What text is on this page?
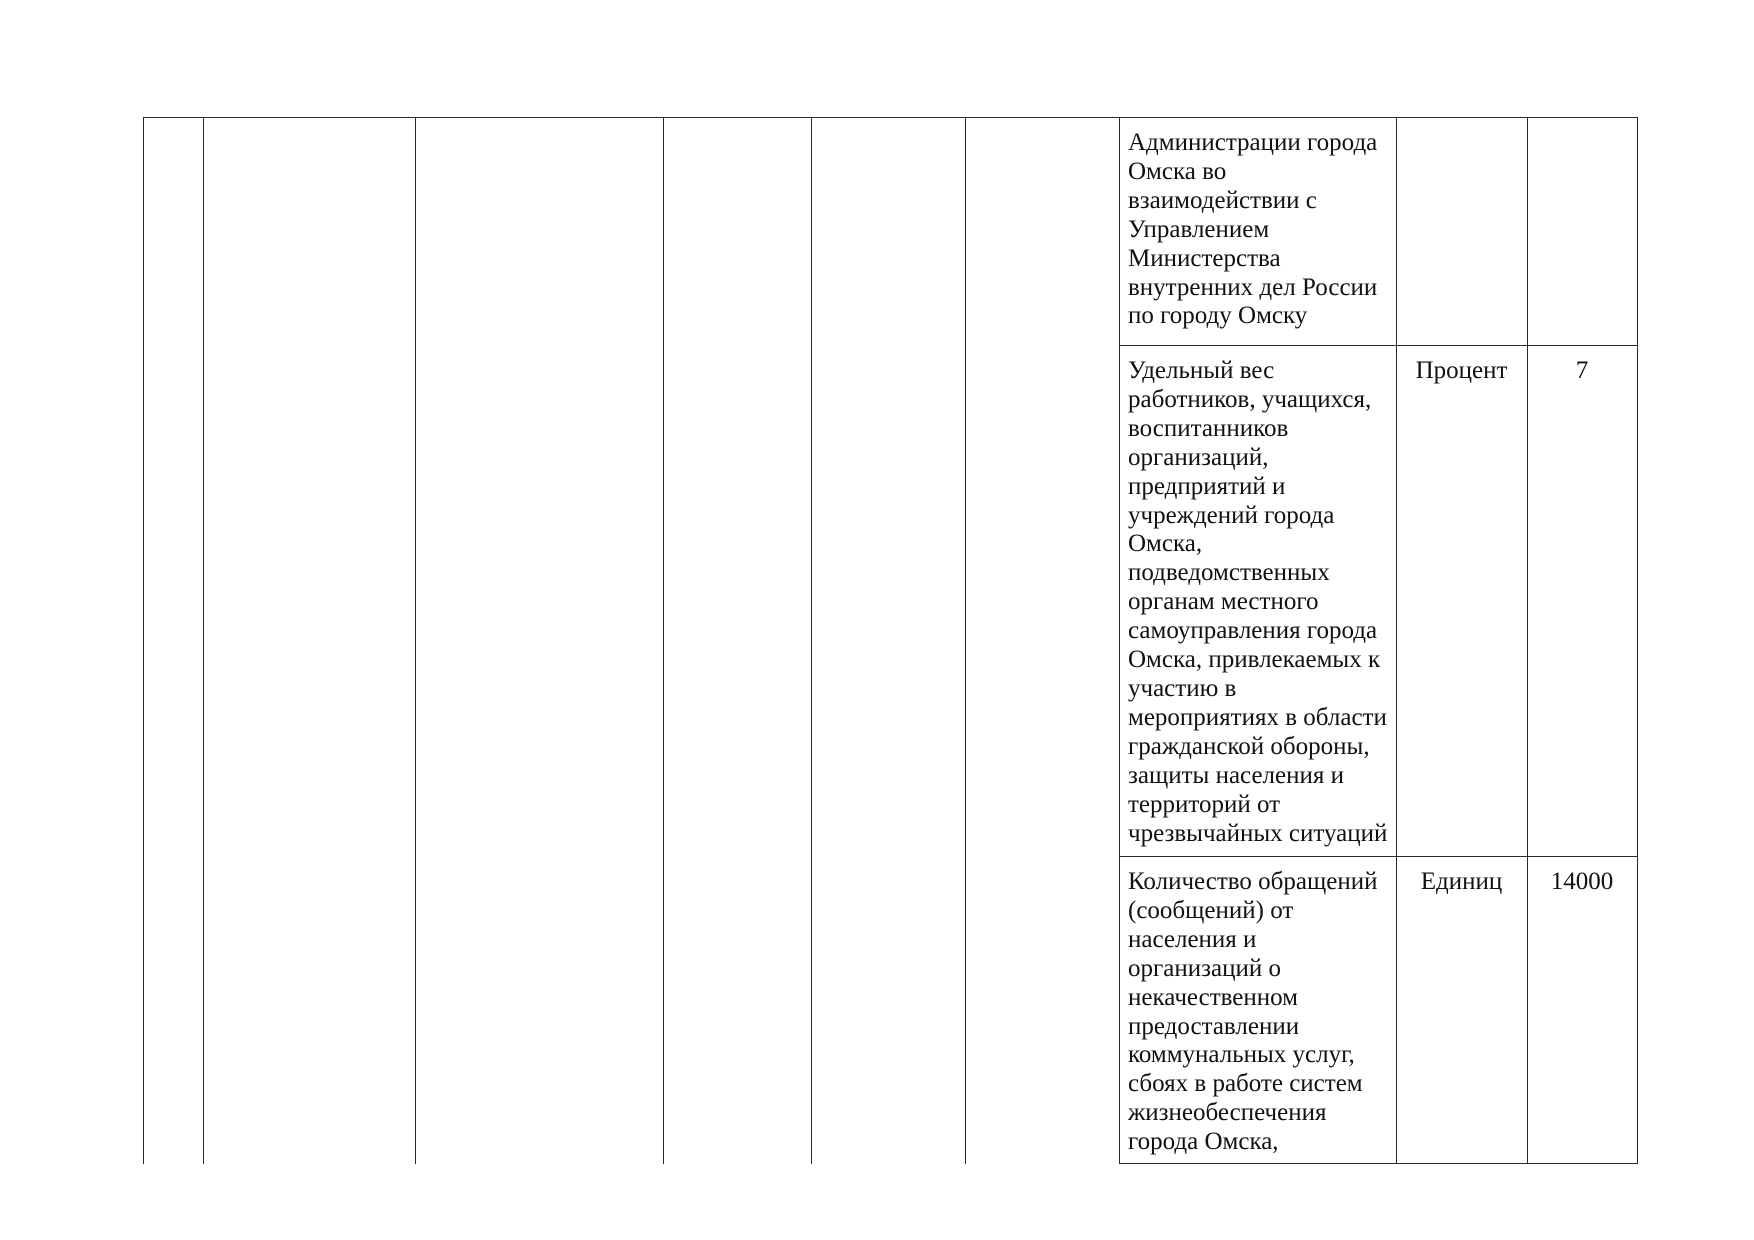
Администрации города
Омска во
взаимодействии с
Управлением
Министерства
внутренних дел России
по городу Омску
Удельный вес
работников, учащихся,
воспитанников
организаций,
предприятий и
учреждений города
Омска,
подведомственных
органам местного
самоуправления города
Омска, привлекаемых к
участию в
мероприятиях в области
гражданской обороны,
защиты населения и
территорий от
чрезвычайных ситуаций
Процент	7
Количество обращений
(сообщений) от
населения и
организаций о
некачественном
предоставлении
коммунальных услуг,
сбоях в работе систем
жизнеобеспечения
города Омска,
Единиц	14000
